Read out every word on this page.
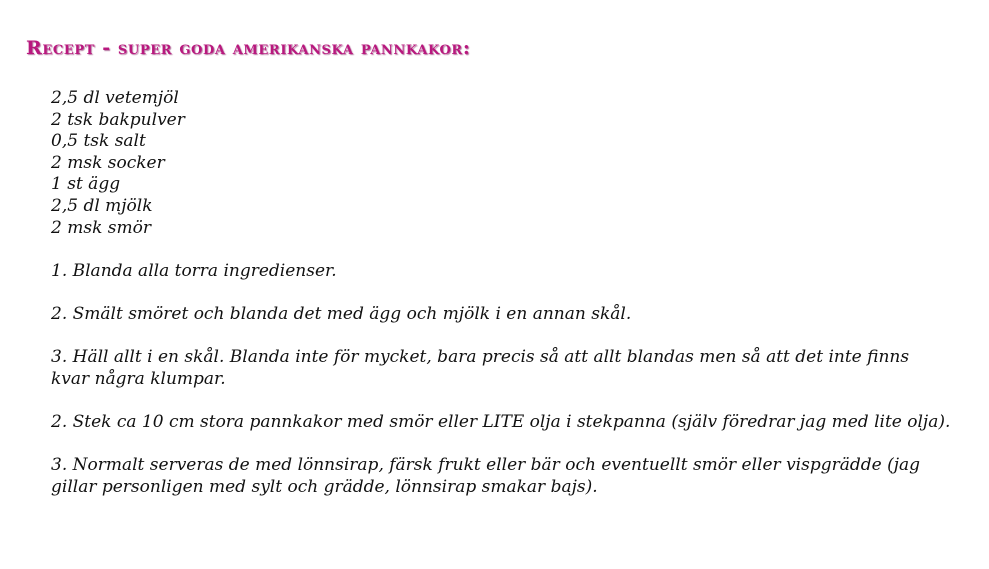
Recept - super goda amerikanska pannkakor:
2,5 dl vetemjöl
2 tsk bakpulver
0,5 tsk salt
2 msk socker
1 st ägg
2,5 dl mjölk
2 msk smör
1. Blanda alla torra ingredienser.
2. Smält smöret och blanda det med ägg och mjölk i en annan skål.
3. Häll allt i en skål. Blanda inte för mycket, bara precis så att allt blandas men så att det inte finns kvar några klumpar.
2. Stek ca 10 cm stora pannkakor med smör eller LITE olja i stekpanna (själv föredrar jag med lite olja).
3. Normalt serveras de med lönnsirap, färsk frukt eller bär och eventuellt smör eller vispgrädde (jag gillar personligen med sylt och grädde, lönnsirap smakar bajs).
